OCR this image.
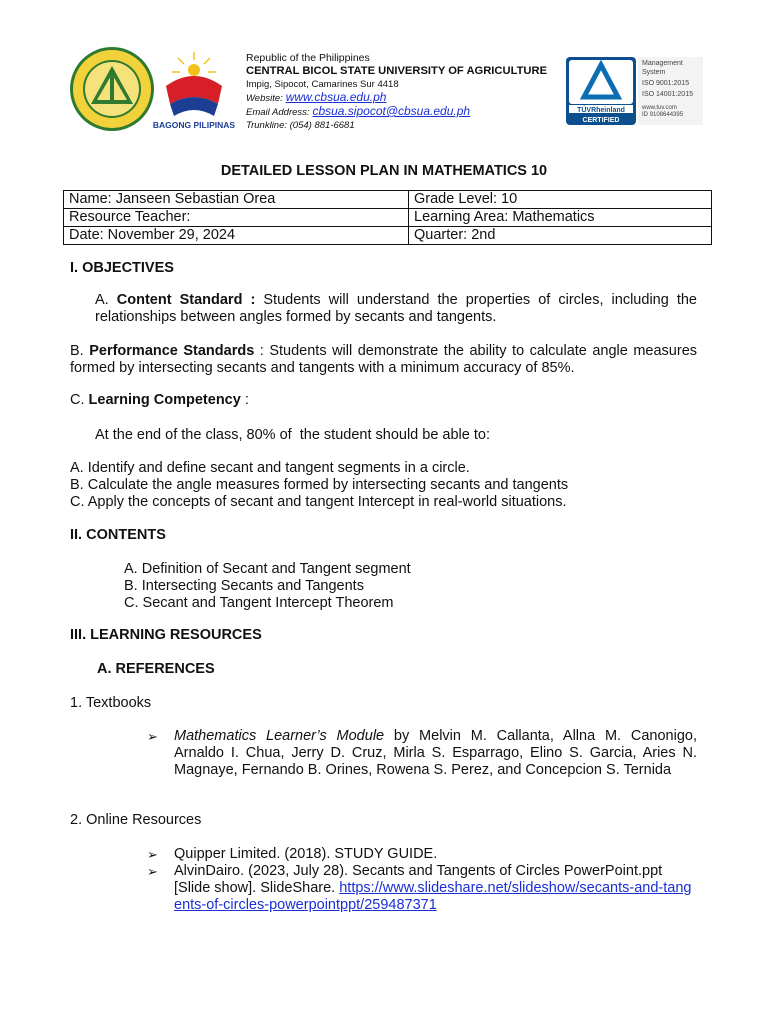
BAGONG PILIPINAS
Republic of the Philippines
CENTRAL BICOL STATE UNIVERSITY OF AGRICULTURE
Impig, Sipocot, Camarines Sur 4418
Website: www.cbsua.edu.ph
Email Address: cbsua.sipocot@cbsua.edu.ph
Trunkline: (054) 881-6681
TÜVRheinland
CERTIFIED
Management
System
ISO 9001:2015
ISO 14001:2015
www.tuv.com
ID 9108644395
DETAILED LESSON PLAN IN MATHEMATICS 10
Name: Janseen Sebastian Orea	Grade Level: 10
Resource Teacher:	Learning Area: Mathematics
Date: November 29, 2024	Quarter: 2nd
I. OBJECTIVES
A. Content Standard : Students will understand the properties of circles, including the relationships between angles formed by secants and tangents.
B. Performance Standards : Students will demonstrate the ability to calculate angle measures formed by intersecting secants and tangents with a minimum accuracy of 85%.
C. Learning Competency :
At the end of the class, 80% of  the student should be able to:
A. Identify and define secant and tangent segments in a circle.
B. Calculate the angle measures formed by intersecting secants and tangents
C. Apply the concepts of secant and tangent Intercept in real-world situations.
II. CONTENTS
A. Definition of Secant and Tangent segment
B. Intersecting Secants and Tangents
C. Secant and Tangent Intercept Theorem
III. LEARNING RESOURCES
A. REFERENCES
1. Textbooks
➢ Mathematics Learner’s Module by Melvin M. Callanta, Allna M. Canonigo, Arnaldo I. Chua, Jerry D. Cruz, Mirla S. Esparrago, Elino S. Garcia, Aries N. Magnaye, Fernando B. Orines, Rowena S. Perez, and Concepcion S. Ternida
2. Online Resources
➢ Quipper Limited. (2018). STUDY GUIDE.
➢ AlvinDairo. (2023, July 28). Secants and Tangents of Circles PowerPoint.ppt [Slide show]. SlideShare. https://www.slideshare.net/slideshow/secants-and-tangents-of-circles-powerpointppt/259487371
